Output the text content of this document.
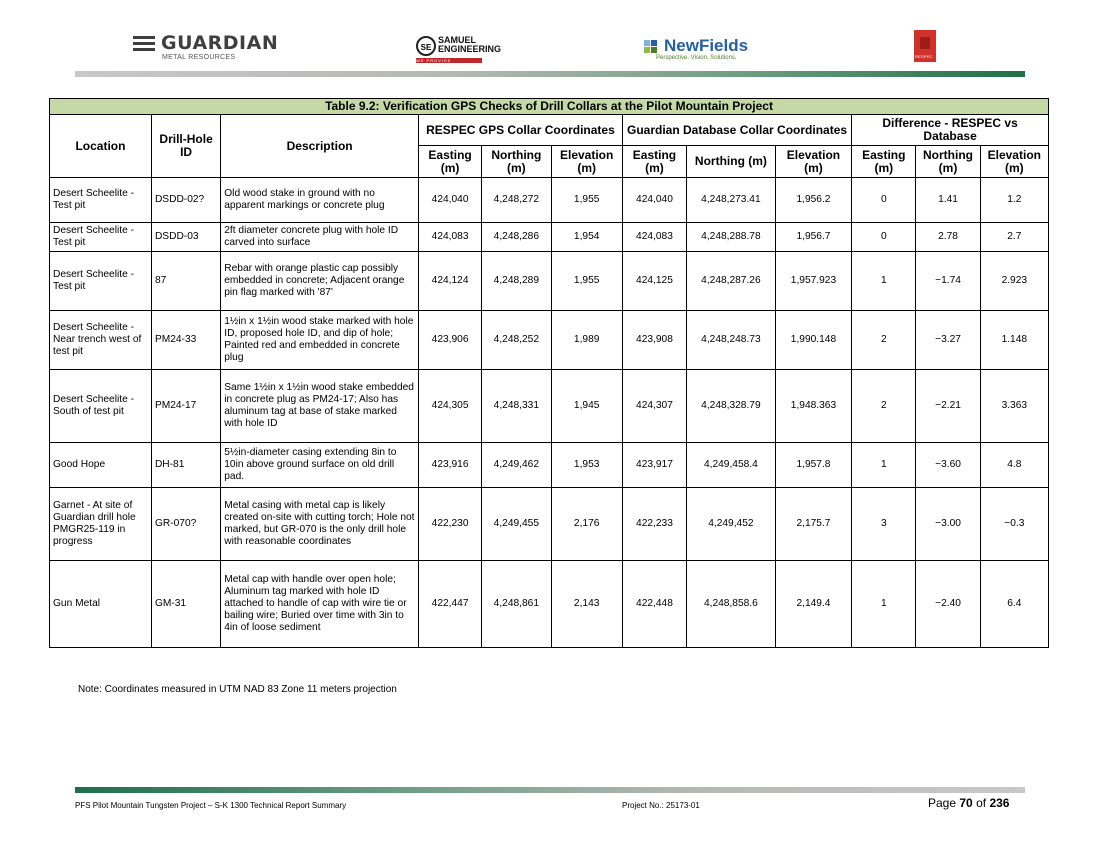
GUARDIAN
METAL RESOURCES
SESAMUEL
ENGINEERING
WE PROVIDE SOLUTIONS
NewFields
Perspective. Vision. Solutions.	RESPEC
Table 9.2: Verification GPS Checks of Drill Collars at the Pilot Mountain Project											
Location	Drill-Hole ID	Description	RESPEC GPS Collar Coordinates			Guardian Database Collar Coordinates			Difference - RESPEC vs Database		
			Easting (m)	Northing (m)	Elevation (m)	Easting (m)	Northing (m)	Elevation (m)	Easting (m)	Northing (m)	Elevation (m)
Desert Scheelite - Test pit	DSDD-02?	Old wood stake in ground with no apparent markings or concrete plug	424,040	4,248,272	1,955	424,040	4,248,273.41	1,956.2	0	1.41	1.2
Desert Scheelite - Test pit	DSDD-03	2ft diameter concrete plug with hole ID carved into surface	424,083	4,248,286	1,954	424,083	4,248,288.78	1,956.7	0	2.78	2.7
Desert Scheelite - Test pit	87	Rebar with orange plastic cap possibly embedded in concrete; Adjacent orange pin flag marked with '87'	424,124	4,248,289	1,955	424,125	4,248,287.26	1,957.923	1	−1.74	2.923
Desert Scheelite - Near trench west of test pit	PM24-33	1½in x 1½in wood stake marked with hole ID, proposed hole ID, and dip of hole; Painted red and embedded in concrete plug	423,906	4,248,252	1,989	423,908	4,248,248.73	1,990.148	2	−3.27	1.148
Desert Scheelite - South of test pit	PM24-17	Same 1½in x 1½in wood stake embedded in concrete plug as PM24-17; Also has aluminum tag at base of stake marked with hole ID	424,305	4,248,331	1,945	424,307	4,248,328.79	1,948.363	2	−2.21	3.363
Good Hope	DH-81	5½in-diameter casing extending 8in to 10in above ground surface on old drill pad.	423,916	4,249,462	1,953	423,917	4,249,458.4	1,957.8	1	−3.60	4.8
Garnet - At site of Guardian drill hole PMGR25-119 in progress	GR-070?	Metal casing with metal cap is likely created on-site with cutting torch; Hole not marked, but GR-070 is the only drill hole with reasonable coordinates	422,230	4,249,455	2,176	422,233	4,249,452	2,175.7	3	−3.00	−0.3
Gun Metal	GM-31	Metal cap with handle over open hole; Aluminum tag marked with hole ID attached to handle of cap with wire tie or bailing wire; Buried over time with 3in to 4in of loose sediment	422,447	4,248,861	2,143	422,448	4,248,858.6	2,149.4	1	−2.40	6.4
Note: Coordinates measured in UTM NAD 83 Zone 11 meters projection
PFS Pilot Mountain Tungsten Project – S-K 1300 Technical Report Summary	Project No.: 25173-01	Page 70 of 236
